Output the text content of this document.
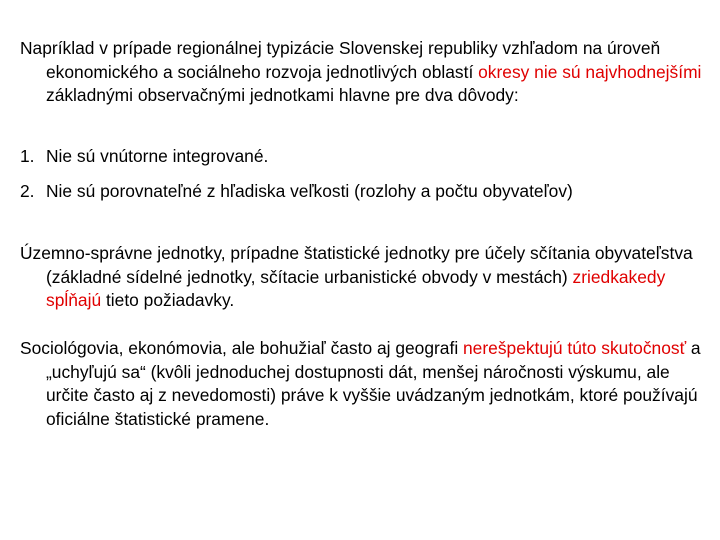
Napríklad v prípade regionálnej typizácie Slovenskej republiky vzhľadom na úroveň ekonomického a sociálneho rozvoja jednotlivých oblastí okresy nie sú najvhodnejšími základnými observačnými jednotkami hlavne pre dva dôvody:

1. Nie sú vnútorne integrované.

2. Nie sú porovnateľné z hľadiska veľkosti (rozlohy a počtu obyvateľov)

Územno-správne jednotky, prípadne štatistické jednotky pre účely sčítania obyvateľstva (základné sídelné jednotky, sčítacie urbanistické obvody v mestách) zriedkakedy spĺňajú tieto požiadavky.

Sociológovia, ekonómovia, ale bohužiaľ často aj geografi nerešpektujú túto skutočnosť a „uchyľujú sa“ (kvôli jednoduchej dostupnosti dát, menšej náročnosti výskumu, ale určite často aj z nevedomosti) práve k vyššie uvádzaným jednotkám, ktoré používajú oficiálne štatistické pramene.
